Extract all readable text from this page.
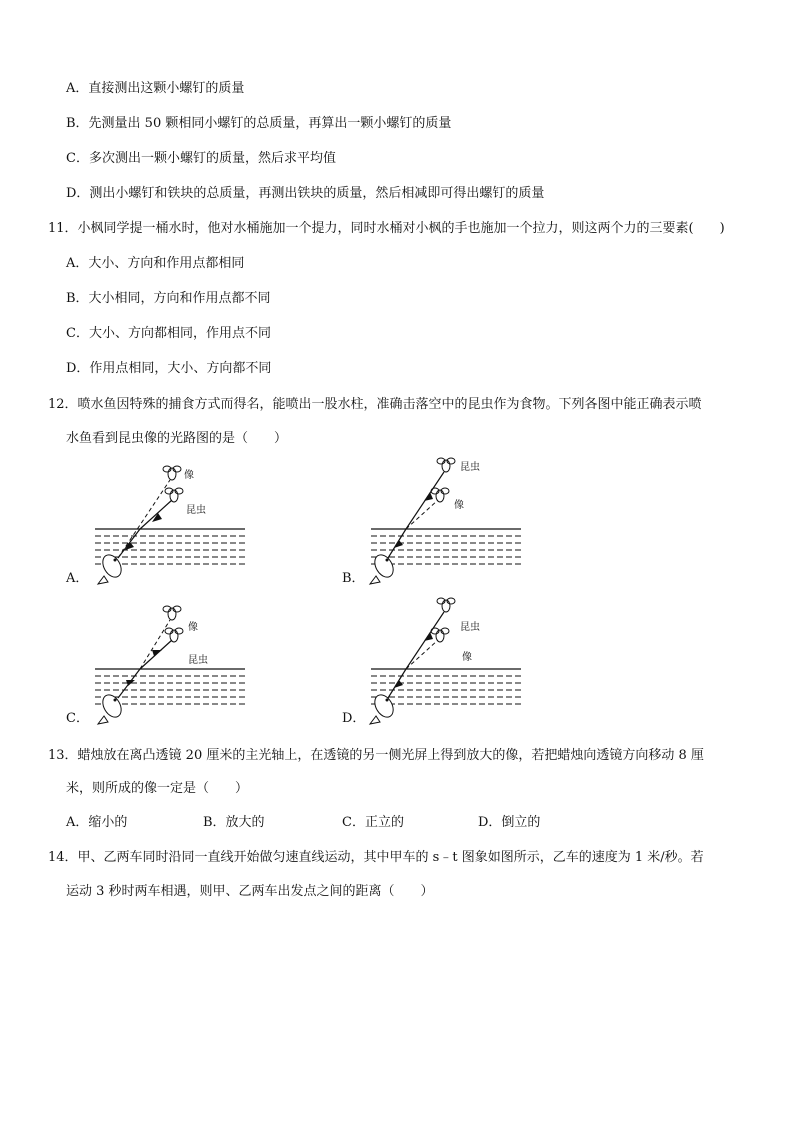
A．直接测出这颗小螺钉的质量
B．先测量出 50 颗相同小螺钉的总质量，再算出一颗小螺钉的质量
C．多次测出一颗小螺钉的质量，然后求平均值
D．测出小螺钉和铁块的总质量，再测出铁块的质量，然后相减即可得出螺钉的质量
11．小枫同学提一桶水时，他对水桶施加一个提力，同时水桶对小枫的手也施加一个拉力，则这两个力的三要素(　　)
A．大小、方向和作用点都相同
B．大小相同，方向和作用点都不同
C．大小、方向都相同，作用点不同
D．作用点相同，大小、方向都不同
12．喷水鱼因特殊的捕食方式而得名，能喷出一股水柱，准确击落空中的昆虫作为食物。下列各图中能正确表示喷
水鱼看到昆虫像的光路图的是（　　）
A．
像
昆虫
B．
昆虫
像
C．
像
昆虫
D．
昆虫
像
13．蜡烛放在离凸透镜 20 厘米的主光轴上，在透镜的另一侧光屏上得到放大的像，若把蜡烛向透镜方向移动 8 厘
米，则所成的像一定是（　　）
A．缩小的	B．放大的	C．正立的	D．倒立的
14．甲、乙两车同时沿同一直线开始做匀速直线运动，其中甲车的 s﹣t 图象如图所示，乙车的速度为 1 米/秒。若
运动 3 秒时两车相遇，则甲、乙两车出发点之间的距离（　　）
